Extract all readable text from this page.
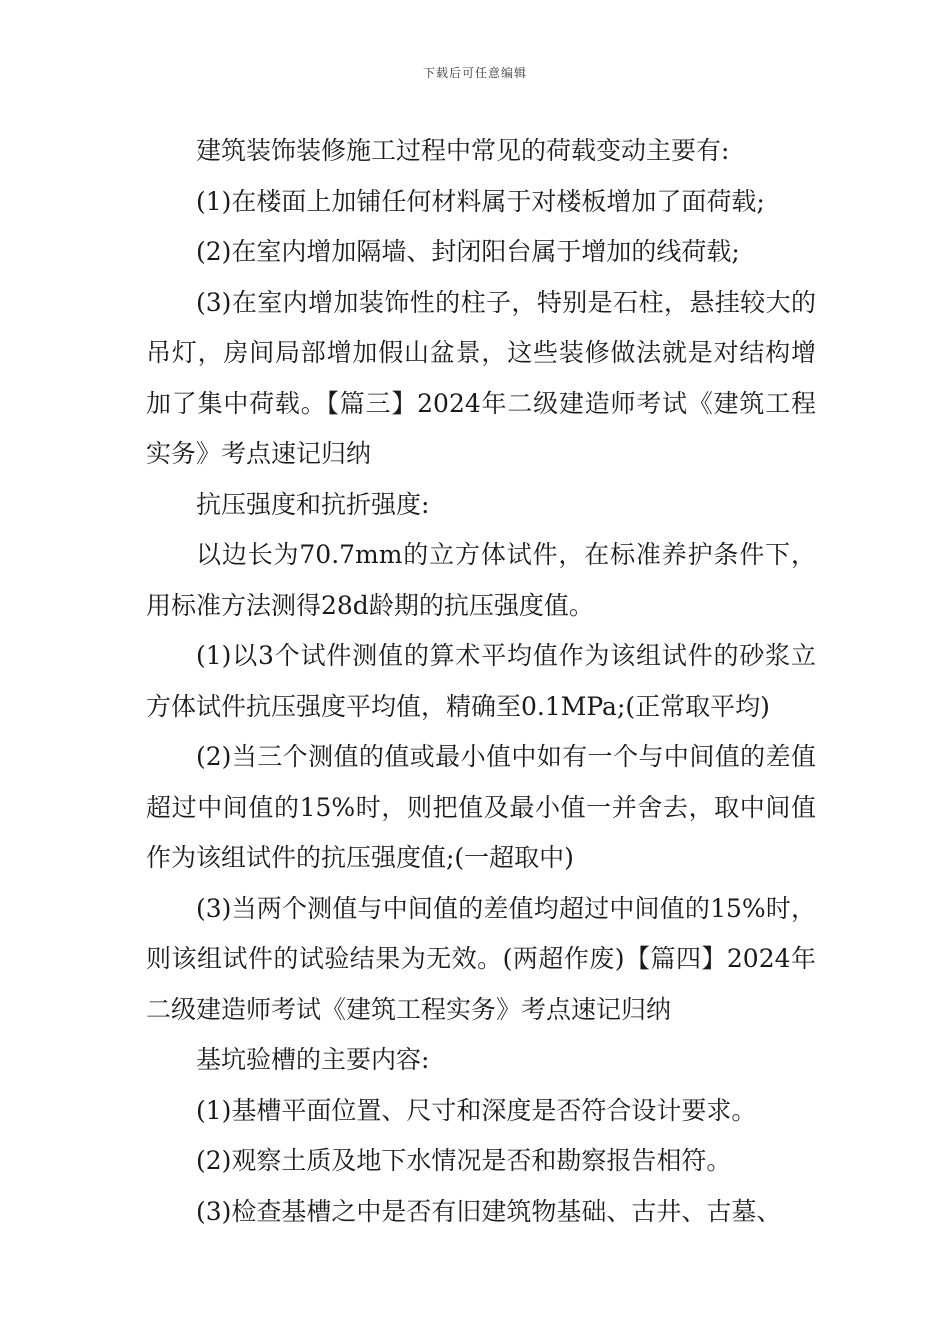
下载后可任意编辑

建筑装饰装修施工过程中常见的荷载变动主要有:

(1)在楼面上加铺任何材料属于对楼板增加了面荷载;

(2)在室内增加隔墙、封闭阳台属于增加的线荷载;

(3)在室内增加装饰性的柱子，特别是石柱，悬挂较大的吊灯，房间局部增加假山盆景，这些装修做法就是对结构增加了集中荷载。【篇三】2024年二级建造师考试《建筑工程实务》考点速记归纳

抗压强度和抗折强度:

以边长为70.7mm的立方体试件，在标准养护条件下，用标准方法测得28d龄期的抗压强度值。

(1)以3个试件测值的算术平均值作为该组试件的砂浆立方体试件抗压强度平均值，精确至0.1MPa;(正常取平均)

(2)当三个测值的值或最小值中如有一个与中间值的差值超过中间值的15%时，则把值及最小值一并舍去，取中间值作为该组试件的抗压强度值;(一超取中)

(3)当两个测值与中间值的差值均超过中间值的15%时，则该组试件的试验结果为无效。(两超作废)【篇四】2024年二级建造师考试《建筑工程实务》考点速记归纳

基坑验槽的主要内容:

(1)基槽平面位置、尺寸和深度是否符合设计要求。

(2)观察土质及地下水情况是否和勘察报告相符。

(3)检查基槽之中是否有旧建筑物基础、古井、古墓、
